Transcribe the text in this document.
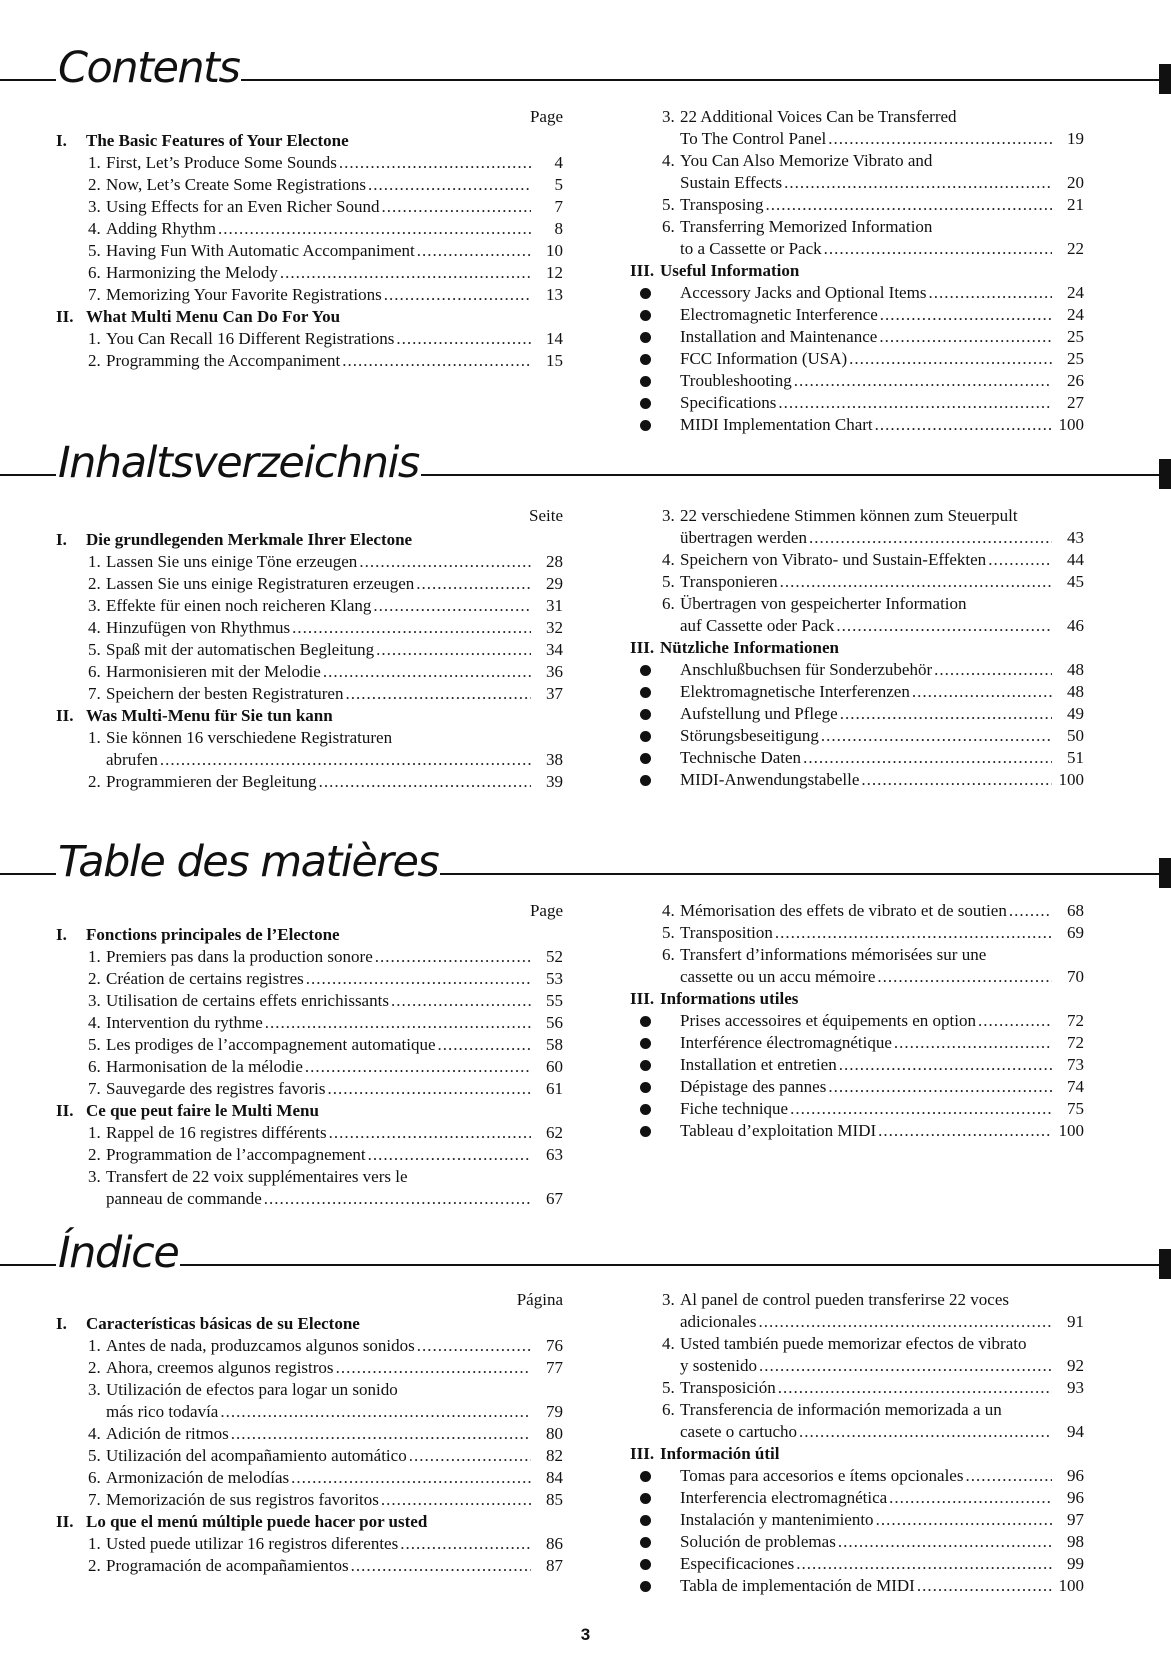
Contents
Page
I. The Basic Features of Your Electone
1. First, Let’s Produce Some Sounds .....	4
2. Now, Let’s Create Some Registrations .....	5
3. Using Effects for an Even Richer Sound .....	7
4. Adding Rhythm .....	8
5. Having Fun With Automatic Accompaniment .....	10
6. Harmonizing the Melody .....	12
7. Memorizing Your Favorite Registrations .....	13
II. What Multi Menu Can Do For You
1. You Can Recall 16 Different Registrations .....	14
2. Programming the Accompaniment .....	15
3. 22 Additional Voices Can be Transferred
To The Control Panel .....	19
4. You Can Also Memorize Vibrato and
Sustain Effects .....	20
5. Transposing .....	21
6. Transferring Memorized Information
to a Cassette or Pack .....	22
III. Useful Information
Accessory Jacks and Optional Items .....	24
Electromagnetic Interference .....	24
Installation and Maintenance .....	25
FCC Information (USA) .....	25
Troubleshooting .....	26
Specifications .....	27
MIDI Implementation Chart .....	100
Inhaltsverzeichnis
Seite
I. Die grundlegenden Merkmale Ihrer Electone
1. Lassen Sie uns einige Töne erzeugen .....	28
2. Lassen Sie uns einige Registraturen erzeugen .....	29
3. Effekte für einen noch reicheren Klang .....	31
4. Hinzufügen von Rhythmus .....	32
5. Spaß mit der automatischen Begleitung .....	34
6. Harmonisieren mit der Melodie .....	36
7. Speichern der besten Registraturen .....	37
II. Was Multi-Menu für Sie tun kann
1. Sie können 16 verschiedene Registraturen
abrufen .....	38
2. Programmieren der Begleitung .....	39
3. 22 verschiedene Stimmen können zum Steuerpult
übertragen werden .....	43
4. Speichern von Vibrato- und Sustain-Effekten .....	44
5. Transponieren .....	45
6. Übertragen von gespeicherter Information
auf Cassette oder Pack .....	46
III. Nützliche Informationen
Anschlußbuchsen für Sonderzubehör .....	48
Elektromagnetische Interferenzen .....	48
Aufstellung und Pflege .....	49
Störungsbeseitigung .....	50
Technische Daten .....	51
MIDI-Anwendungstabelle .....	100
Table des matières
Page
I. Fonctions principales de l’Electone
1. Premiers pas dans la production sonore .....	52
2. Création de certains registres .....	53
3. Utilisation de certains effets enrichissants .....	55
4. Intervention du rythme .....	56
5. Les prodiges de l’accompagnement automatique .....	58
6. Harmonisation de la mélodie .....	60
7. Sauvegarde des registres favoris .....	61
II. Ce que peut faire le Multi Menu
1. Rappel de 16 registres différents .....	62
2. Programmation de l’accompagnement .....	63
3. Transfert de 22 voix supplémentaires vers le
panneau de commande .....	67
4. Mémorisation des effets de vibrato et de soutien .....	68
5. Transposition .....	69
6. Transfert d’informations mémorisées sur une
cassette ou un accu mémoire .....	70
III. Informations utiles
Prises accessoires et équipements en option .....	72
Interférence électromagnétique .....	72
Installation et entretien .....	73
Dépistage des pannes .....	74
Fiche technique .....	75
Tableau d’exploitation MIDI .....	100
Índice
Página
I. Características básicas de su Electone
1. Antes de nada, produzcamos algunos sonidos .....	76
2. Ahora, creemos algunos registros .....	77
3. Utilización de efectos para logar un sonido
más rico todavía .....	79
4. Adición de ritmos .....	80
5. Utilización del acompañamiento automático .....	82
6. Armonización de melodías .....	84
7. Memorización de sus registros favoritos .....	85
II. Lo que el menú múltiple puede hacer por usted
1. Usted puede utilizar 16 registros diferentes .....	86
2. Programación de acompañamientos .....	87
3. Al panel de control pueden transferirse 22 voces
adicionales .....	91
4. Usted también puede memorizar efectos de vibrato
y sostenido .....	92
5. Transposición .....	93
6. Transferencia de información memorizada a un
casete o cartucho .....	94
III. Información útil
Tomas para accesorios e ítems opcionales .....	96
Interferencia electromagnética .....	96
Instalación y mantenimiento .....	97
Solución de problemas .....	98
Especificaciones .....	99
Tabla de implementación de MIDI .....	100
3
